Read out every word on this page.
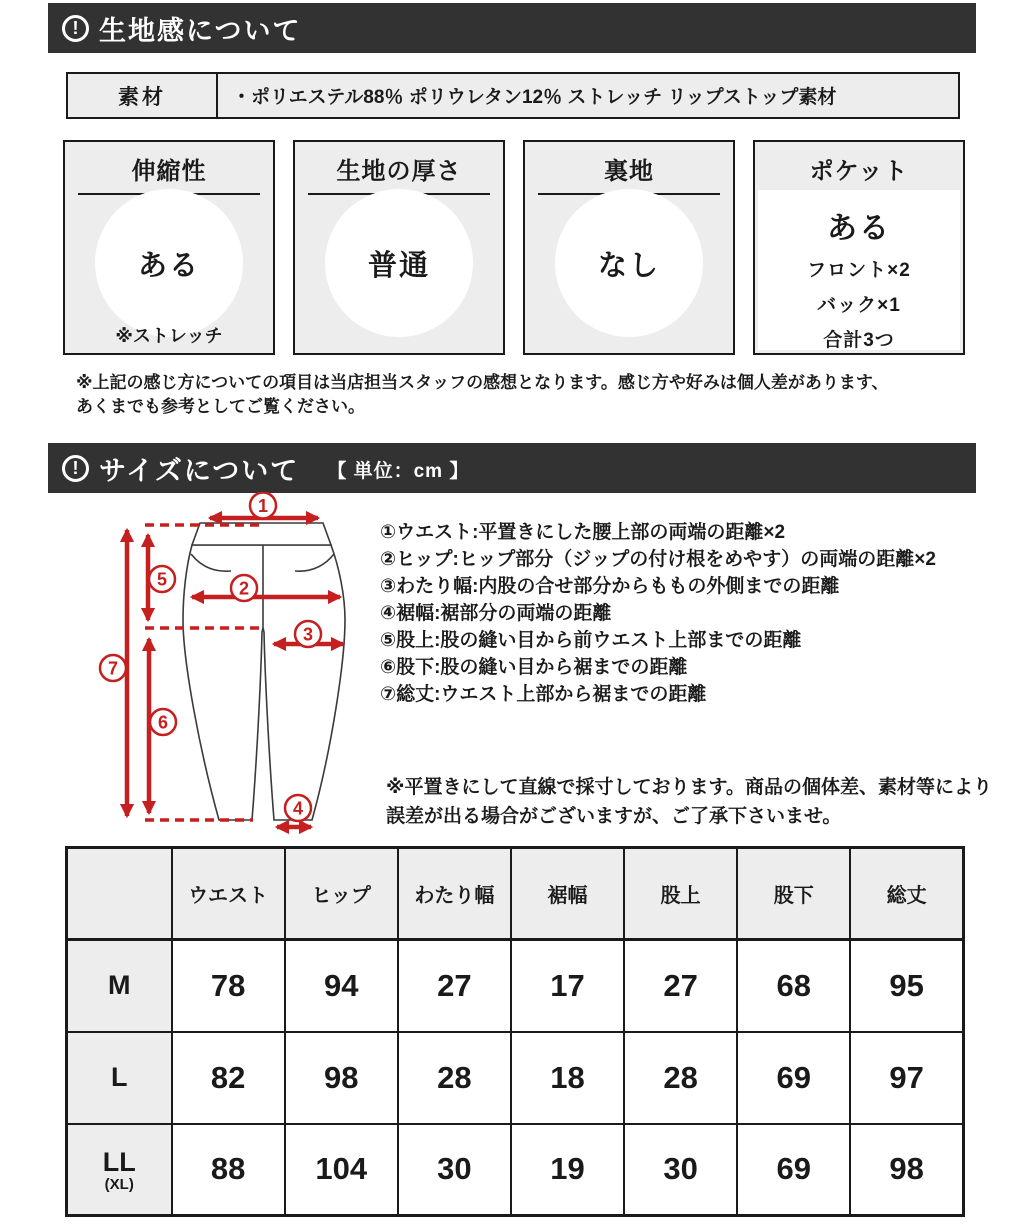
! 生地感について
素材	・ポリエステル88％ ポリウレタン12％ ストレッチ リップストップ素材
伸縮性
ある
※ストレッチ
生地の厚さ
普通
裏地
なし
ポケット
ある
フロント×2
バック×1
合計3つ
※上記の感じ方についての項目は当店担当スタッフの感想となります。感じ方や好みは個人差があります、
あくまでも参考としてご覧ください。
! サイズについて 【 単位：cm 】
1
2
3
4
5
6
7
①ウエスト:平置きにした腰上部の両端の距離×2
②ヒップ:ヒップ部分（ジップの付け根をめやす）の両端の距離×2
③わたり幅:内股の合せ部分からももの外側までの距離
④裾幅:裾部分の両端の距離
⑤股上:股の縫い目から前ウエスト上部までの距離
⑥股下:股の縫い目から裾までの距離
⑦総丈:ウエスト上部から裾までの距離
※平置きにして直線で採寸しております。商品の個体差、素材等により
誤差が出る場合がございますが、ご了承下さいませ。
	ウエスト	ヒップ	わたり幅	裾幅	股上	股下	総丈
M	78	94	27	17	27	68	95
L	82	98	28	18	28	69	97
LL
(XL)	88	104	30	19	30	69	98
